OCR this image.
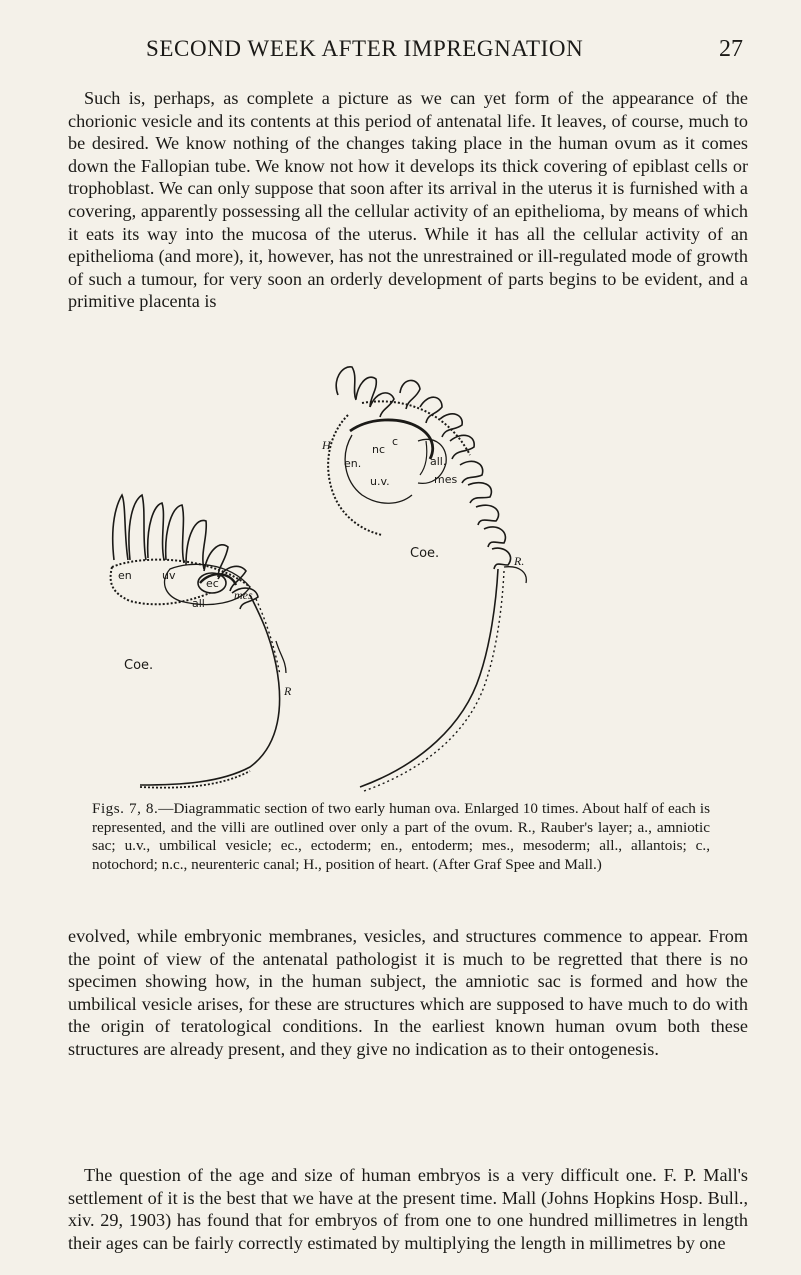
SECOND WEEK AFTER IMPREGNATION	27

Such is, perhaps, as complete a picture as we can yet form of the appearance of the chorionic vesicle and its contents at this period of antenatal life. It leaves, of course, much to be desired. We know nothing of the changes taking place in the human ovum as it comes down the Fallopian tube. We know not how it develops its thick covering of epiblast cells or trophoblast. We can only suppose that soon after its arrival in the uterus it is furnished with a covering, apparently possessing all the cellular activity of an epithelioma, by means of which it eats its way into the mucosa of the uterus. While it has all the cellular activity of an epithelioma (and more), it, however, has not the unrestrained or ill-regulated mode of growth of such a tumour, for very soon an orderly development of parts begins to be evident, and a primitive placenta is

en	uv
ec
mes
all
Coe.
R
H	c
nc
en.
u.v.
all.
mes
Coe.	R.

Figs. 7, 8.—Diagrammatic section of two early human ova. Enlarged 10 times. About half of each is represented, and the villi are outlined over only a part of the ovum. R., Rauber's layer; a., amniotic sac; u.v., umbilical vesicle; ec., ectoderm; en., entoderm; mes., mesoderm; all., allantois; c., notochord; n.c., neurenteric canal; H., position of heart. (After Graf Spee and Mall.)

evolved, while embryonic membranes, vesicles, and structures commence to appear. From the point of view of the antenatal pathologist it is much to be regretted that there is no specimen showing how, in the human subject, the amniotic sac is formed and how the umbilical vesicle arises, for these are structures which are supposed to have much to do with the origin of teratological conditions. In the earliest known human ovum both these structures are already present, and they give no indication as to their ontogenesis.

The question of the age and size of human embryos is a very difficult one. F. P. Mall's settlement of it is the best that we have at the present time. Mall (Johns Hopkins Hosp. Bull., xiv. 29, 1903) has found that for embryos of from one to one hundred millimetres in length their ages can be fairly correctly estimated by multiplying the length in millimetres by one
